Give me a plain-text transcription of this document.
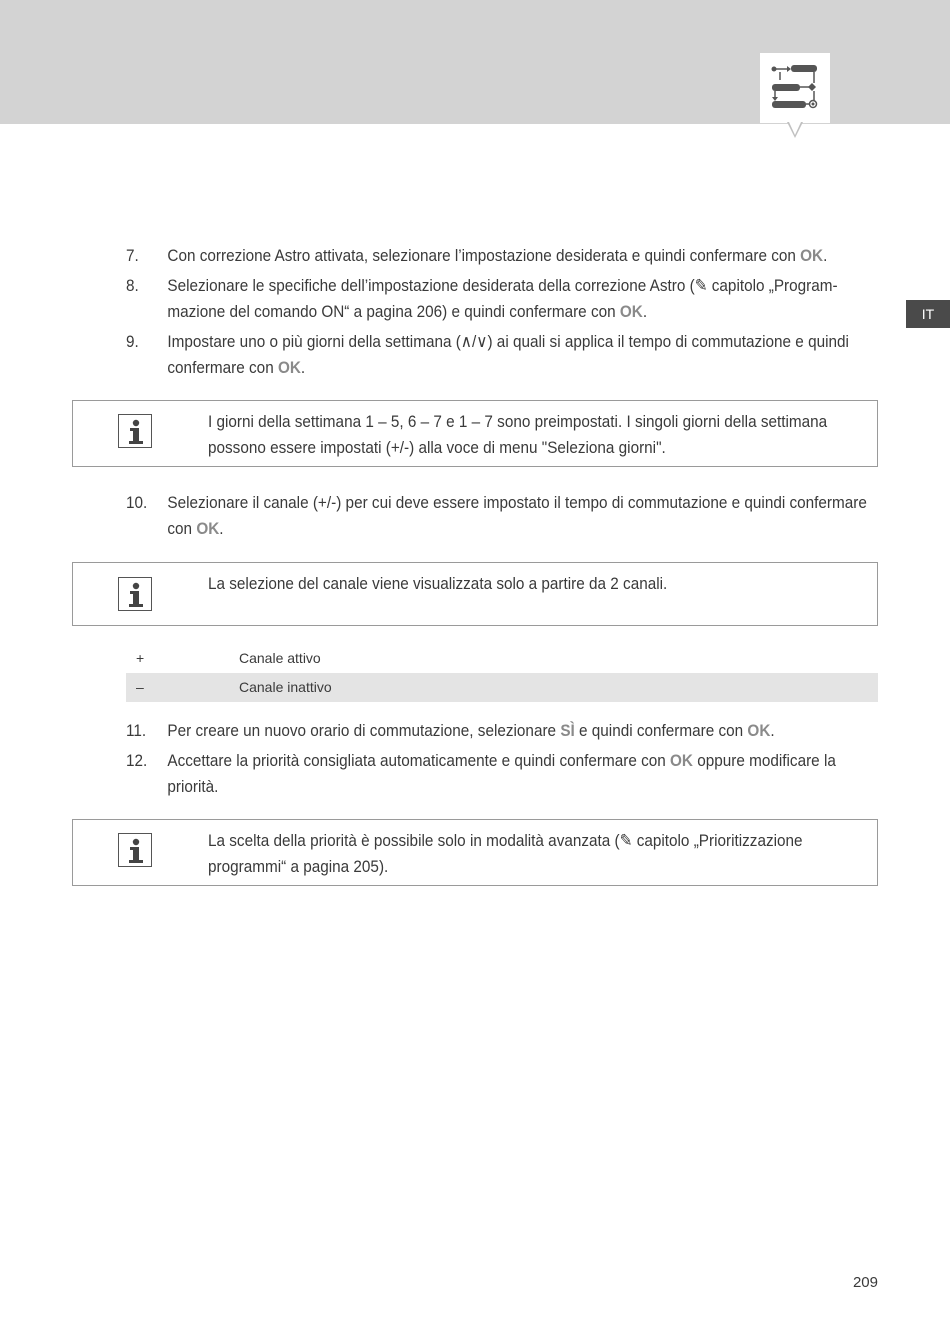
IT
7. Con correzione Astro attivata, selezionare l’impostazione desiderata e quindi confermare con OK.
8. Selezionare le specifiche dell’impostazione desiderata della correzione Astro (✎ capitolo „Programmazione del comando ON“ a pagina 206) e quindi confermare con OK.
9. Impostare uno o più giorni della settimana (∧/∨) ai quali si applica il tempo di commutazione e quindi confermare con OK.
I giorni della settimana 1 – 5, 6 – 7 e 1 – 7 sono preimpostati. I singoli giorni della settimana possono essere impostati (+/-) alla voce di menu "Seleziona giorni".
10. Selezionare il canale (+/-) per cui deve essere impostato il tempo di commutazione e quindi confermare con OK.
La selezione del canale viene visualizzata solo a partire da 2 canali.
+	Canale attivo
–	Canale inattivo
11. Per creare un nuovo orario di commutazione, selezionare SÌ e quindi confermare con OK.
12. Accettare la priorità consigliata automaticamente e quindi confermare con OK oppure modificare la priorità.
La scelta della priorità è possibile solo in modalità avanzata (✎ capitolo „Prioritizzazione programmi“ a pagina 205).
209
